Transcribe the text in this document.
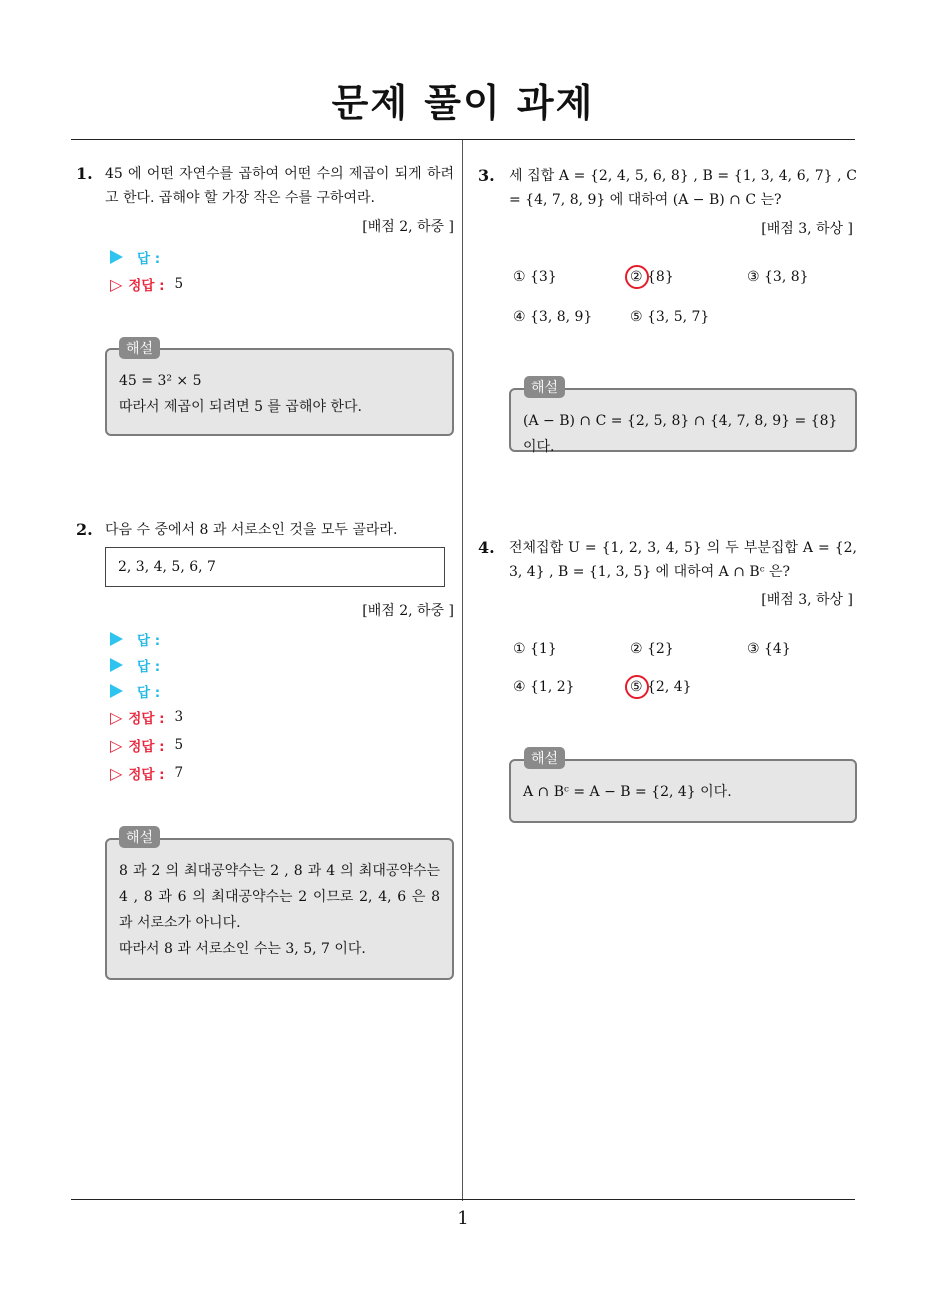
문제 풀이 과제
1
1. 45 에 어떤 자연수를 곱하여 어떤 수의 제곱이 되게 하려고 한다. 곱해야 할 가장 작은 수를 구하여라.
[배점 2, 하중 ]
답 :
▷ 정답 : 5
45 = 3² × 5
따라서 제곱이 되려면 5 를 곱해야 한다.
해설
2. 다음 수 중에서 8 과 서로소인 것을 모두 골라라.
2, 3, 4, 5, 6, 7
[배점 2, 하중 ]
답 :
답 :
답 :
▷ 정답 : 3
▷ 정답 : 5
▷ 정답 : 7
8 과 2 의 최대공약수는 2 , 8 과 4 의 최대공약수는 4 , 8 과 6 의 최대공약수는 2 이므로 2, 4, 6 은 8 과 서로소가 아니다.
따라서 8 과 서로소인 수는 3, 5, 7 이다.
해설
3. 세 집합 A = {2, 4, 5, 6, 8} , B = {1, 3, 4, 6, 7} , C = {4, 7, 8, 9} 에 대하여 (A − B) ∩ C 는?
[배점 3, 하상 ]
① {3}	② {8}	③ {3, 8}
④ {3, 8, 9}	⑤ {3, 5, 7}
(A − B) ∩ C = {2, 5, 8} ∩ {4, 7, 8, 9} = {8} 이다.
해설
4. 전체집합 U = {1, 2, 3, 4, 5} 의 두 부분집합 A = {2, 3, 4} , B = {1, 3, 5} 에 대하여 A ∩ Bᶜ 은?
[배점 3, 하상 ]
① {1}	② {2}	③ {4}
④ {1, 2}	⑤ {2, 4}
A ∩ Bᶜ = A − B = {2, 4} 이다.
해설
